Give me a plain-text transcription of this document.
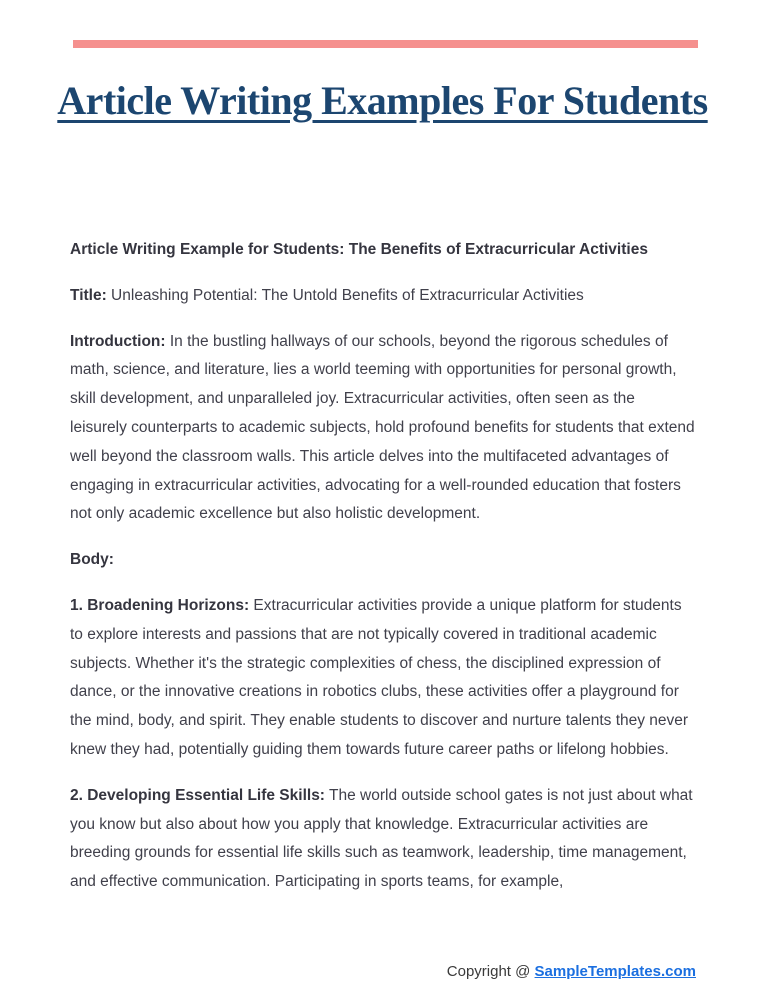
Article Writing Examples For Students

Article Writing Example for Students: The Benefits of Extracurricular Activities

Title: Unleashing Potential: The Untold Benefits of Extracurricular Activities

Introduction: In the bustling hallways of our schools, beyond the rigorous schedules of math, science, and literature, lies a world teeming with opportunities for personal growth, skill development, and unparalleled joy. Extracurricular activities, often seen as the leisurely counterparts to academic subjects, hold profound benefits for students that extend well beyond the classroom walls. This article delves into the multifaceted advantages of engaging in extracurricular activities, advocating for a well-rounded education that fosters not only academic excellence but also holistic development.

Body:

1. Broadening Horizons: Extracurricular activities provide a unique platform for students to explore interests and passions that are not typically covered in traditional academic subjects. Whether it's the strategic complexities of chess, the disciplined expression of dance, or the innovative creations in robotics clubs, these activities offer a playground for the mind, body, and spirit. They enable students to discover and nurture talents they never knew they had, potentially guiding them towards future career paths or lifelong hobbies.

2. Developing Essential Life Skills: The world outside school gates is not just about what you know but also about how you apply that knowledge. Extracurricular activities are breeding grounds for essential life skills such as teamwork, leadership, time management, and effective communication. Participating in sports teams, for example,

Copyright @ SampleTemplates.com
